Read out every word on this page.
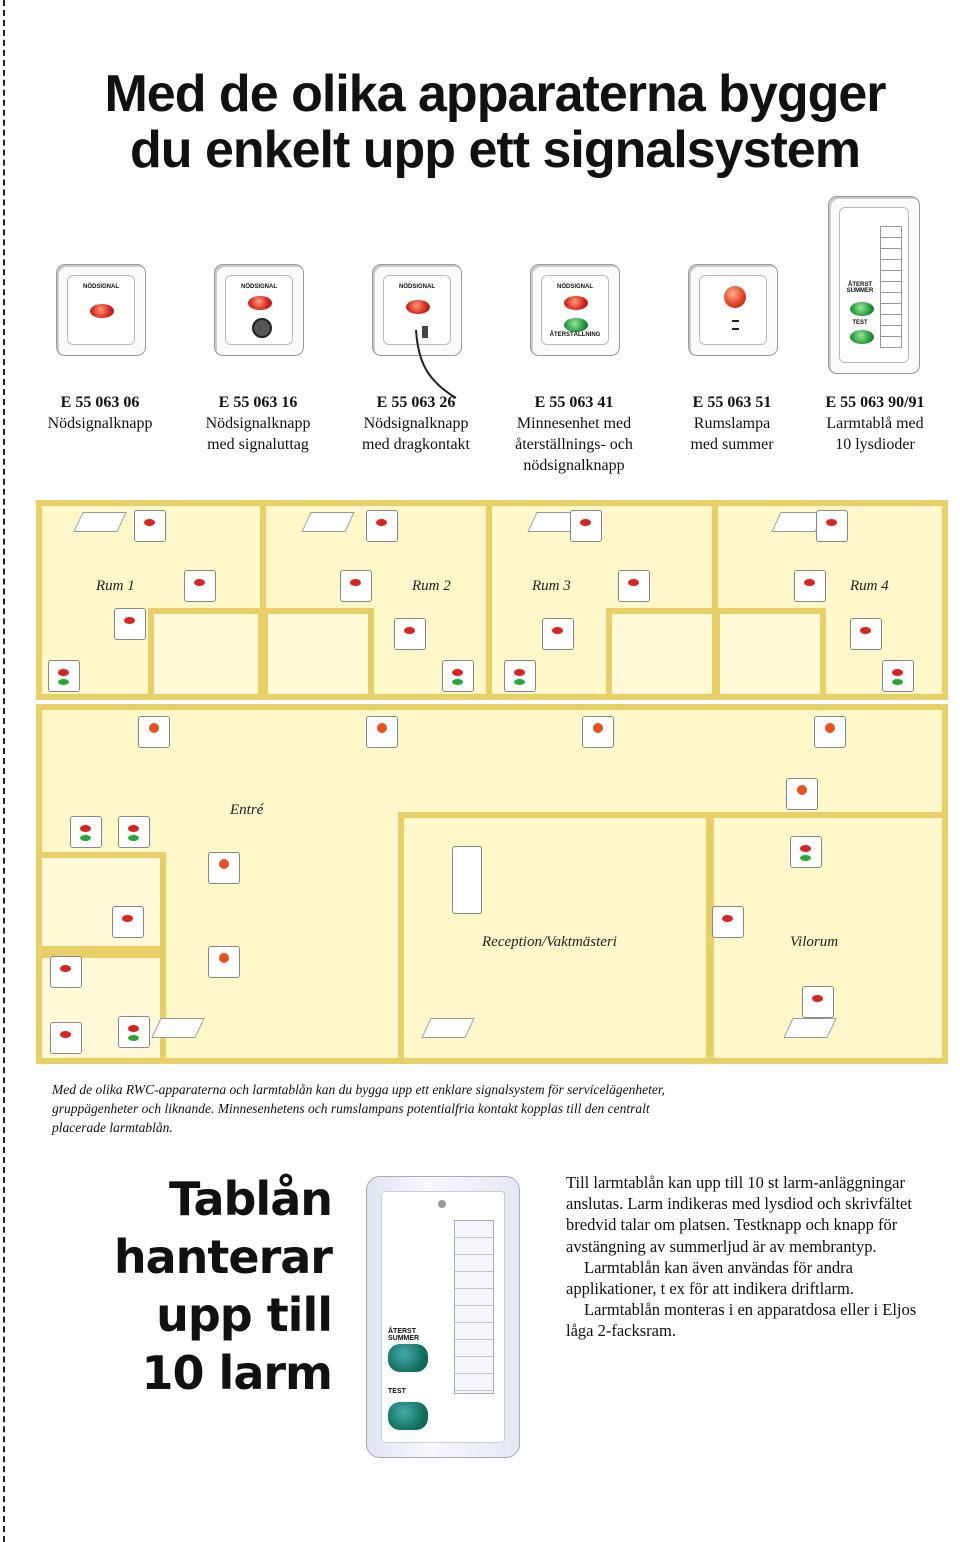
Med de olika apparaterna bygger
du enkelt upp ett signalsystem
NÖDSIGNAL	NÖDSIGNAL	NÖDSIGNAL	NÖDSIGNAL
ÅTERSTÄLLNING
ÅTERST SUMMER
TEST
E 55 063 06
Nödsignalknapp
E 55 063 16
Nödsignalknapp
med signaluttag
E 55 063 26
Nödsignalknapp
med dragkontakt
E 55 063 41
Minnesenhet med
återställnings- och
nödsignalknapp
E 55 063 51
Rumslampa
med summer
E 55 063 90/91
Larmtablå med
10 lysdioder
Rum 1	Rum 2	Rum 3	Rum 4
Entré
Reception/Vaktmästeri	Vilorum
Med de olika RWC-apparaterna och larmtablån kan du bygga upp ett enklare signalsystem för servicelägenheter, gruppägenheter och liknande. Minnesenhetens och rumslampans potentialfria kontakt kopplas till den centralt placerade larmtablån.
Tablån
hanterar
upp till
10 larm
ÅTERST SUMMER
TEST

Till larmtablån kan upp till 10 st larm-anläggningar anslutas. Larm indikeras med lysdiod och skrivfältet bredvid talar om platsen. Testknapp och knapp för avstängning av summerljud är av membrantyp.

Larmtablån kan även användas för andra applikationer, t ex för att indikera driftlarm.

Larmtablån monteras i en apparatdosa eller i Eljos låga 2-facksram.
